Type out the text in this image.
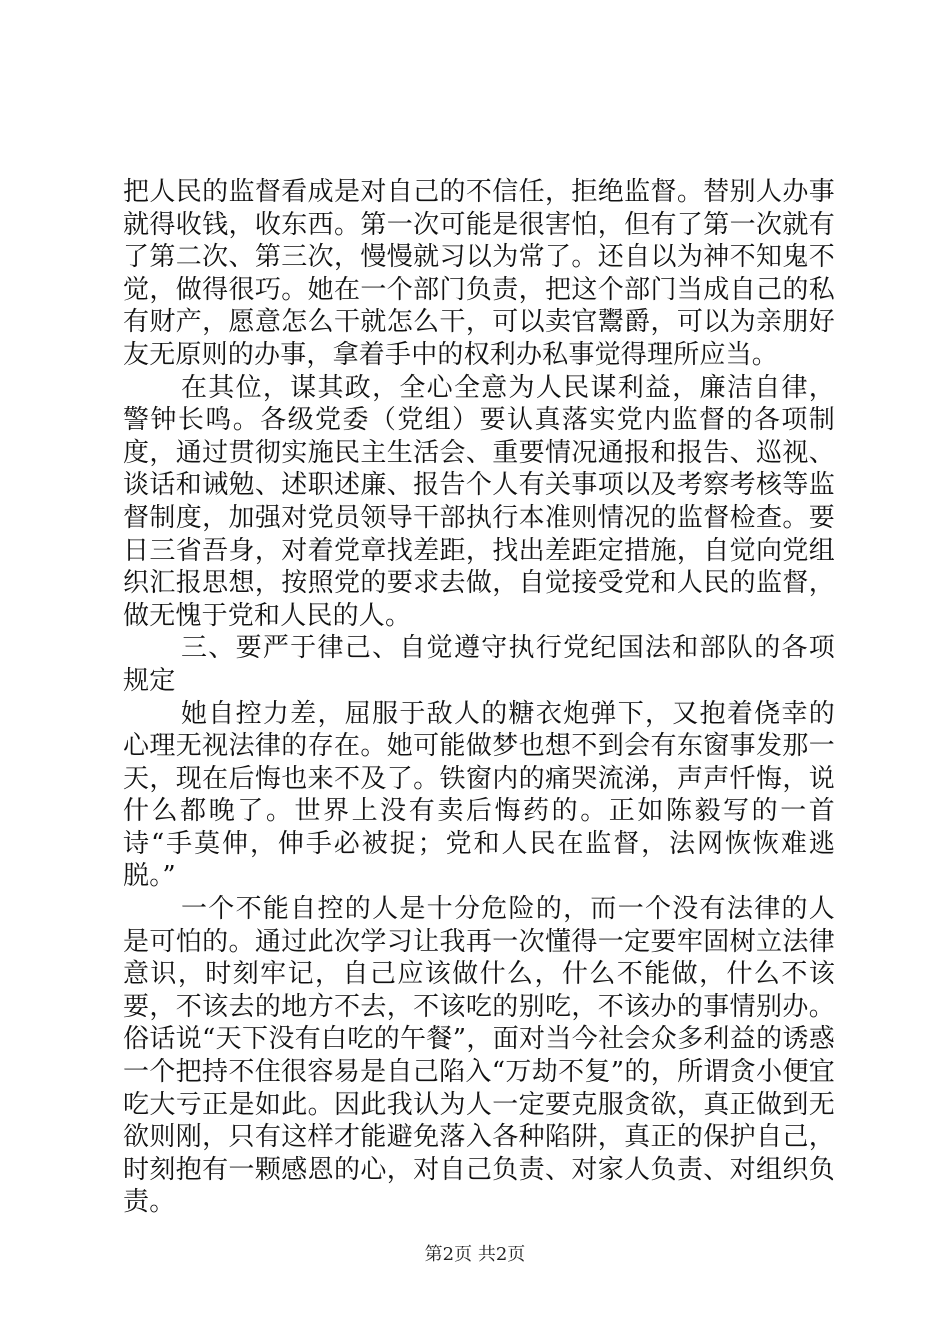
把人民的监督看成是对自己的不信任，拒绝监督。替别人办事就得收钱，收东西。第一次可能是很害怕，但有了第一次就有了第二次、第三次，慢慢就习以为常了。还自以为神不知鬼不觉，做得很巧。她在一个部门负责，把这个部门当成自己的私有财产，愿意怎么干就怎么干，可以卖官鬻爵，可以为亲朋好友无原则的办事，拿着手中的权利办私事觉得理所应当。

在其位，谋其政，全心全意为人民谋利益，廉洁自律，警钟长鸣。各级党委（党组）要认真落实党内监督的各项制度，通过贯彻实施民主生活会、重要情况通报和报告、巡视、谈话和诫勉、述职述廉、报告个人有关事项以及考察考核等监督制度，加强对党员领导干部执行本准则情况的监督检查。要日三省吾身，对着党章找差距，找出差距定措施，自觉向党组织汇报思想，按照党的要求去做，自觉接受党和人民的监督，做无愧于党和人民的人。

三、要严于律己、自觉遵守执行党纪国法和部队的各项规定

她自控力差，屈服于敌人的糖衣炮弹下，又抱着侥幸的心理无视法律的存在。她可能做梦也想不到会有东窗事发那一天，现在后悔也来不及了。铁窗内的痛哭流涕，声声忏悔，说什么都晚了。世界上没有卖后悔药的。正如陈毅写的一首诗“手莫伸，伸手必被捉；党和人民在监督，法网恢恢难逃脱。”

一个不能自控的人是十分危险的，而一个没有法律的人是可怕的。通过此次学习让我再一次懂得一定要牢固树立法律意识，时刻牢记，自己应该做什么，什么不能做，什么不该要，不该去的地方不去，不该吃的别吃，不该办的事情别办。俗话说“天下没有白吃的午餐”，面对当今社会众多利益的诱惑一个把持不住很容易是自己陷入“万劫不复”的，所谓贪小便宜吃大亏正是如此。因此我认为人一定要克服贪欲，真正做到无欲则刚，只有这样才能避免落入各种陷阱，真正的保护自己，时刻抱有一颗感恩的心，对自己负责、对家人负责、对组织负责。

第2页 共2页
